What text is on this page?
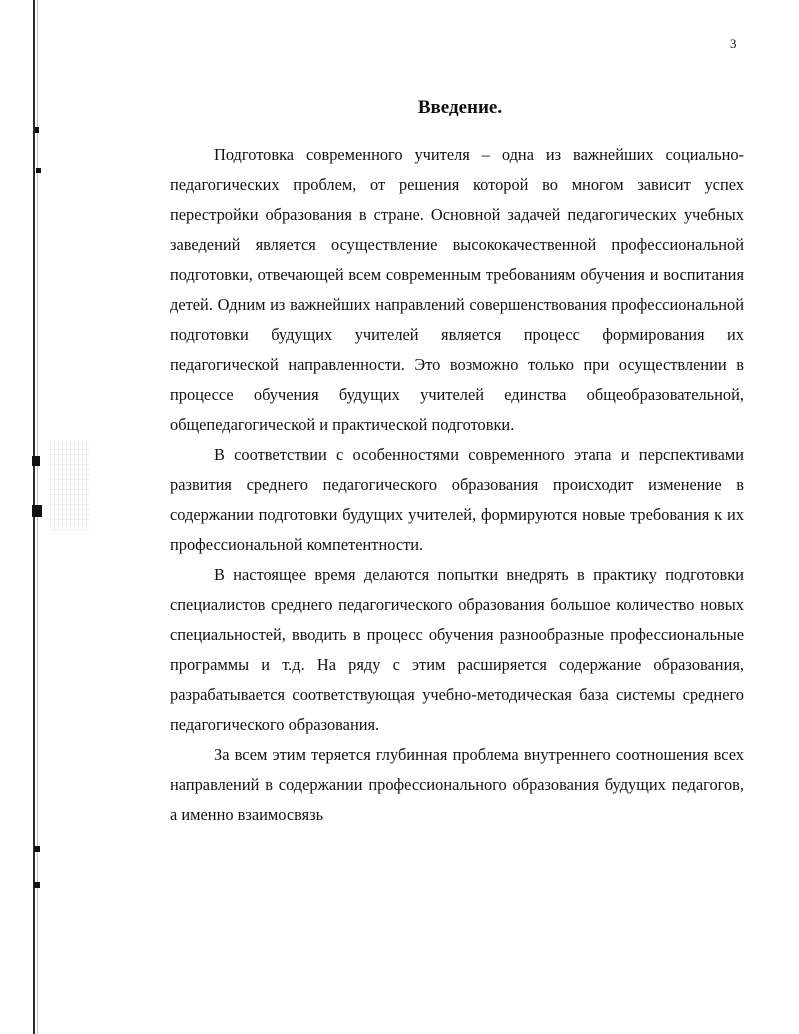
3
Введение.

Подготовка современного учителя – одна из важнейших социально-педагогических проблем, от решения которой во многом зависит успех перестройки образования в стране. Основной задачей педагогических учебных заведений является осуществление высококачественной профессиональной подготовки, отвечающей всем современным требованиям обучения и воспитания детей. Одним из важнейших направлений совершенствования профессиональной подготовки будущих учителей является процесс формирования их педагогической направленности. Это возможно только при осуществлении в процессе обучения будущих учителей единства общеобразовательной, общепедагогической и практической подготовки.

В соответствии с особенностями современного этапа и перспективами развития среднего педагогического образования происходит изменение в содержании подготовки будущих учителей, формируются новые требования к их профессиональной компетентности.

В настоящее время делаются попытки внедрять в практику подготовки специалистов среднего педагогического образования большое количество новых специальностей, вводить в процесс обучения разнообразные профессиональные программы и т.д. На ряду с этим расширяется содержание образования, разрабатывается соответствующая учебно-методическая база системы среднего педагогического образования.

За всем этим теряется глубинная проблема внутреннего соотношения всех направлений в содержании профессионального образования будущих педагогов, а именно взаимосвязь
